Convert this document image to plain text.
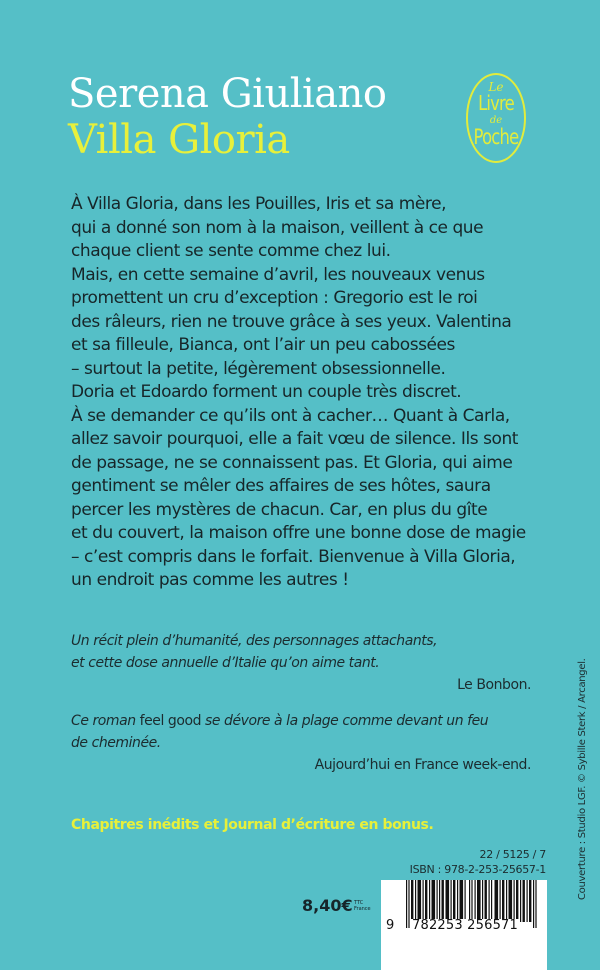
Serena Giuliano
Villa Gloria
Le
Livre
de
Poche
À Villa Gloria, dans les Pouilles, Iris et sa mère,
qui a donné son nom à la maison, veillent à ce que
chaque client se sente comme chez lui.
Mais, en cette semaine d’avril, les nouveaux venus
promettent un cru d’exception : Gregorio est le roi
des râleurs, rien ne trouve grâce à ses yeux. Valentina
et sa filleule, Bianca, ont l’air un peu cabossées
– surtout la petite, légèrement obsessionnelle.
Doria et Edoardo forment un couple très discret.
À se demander ce qu’ils ont à cacher… Quant à Carla,
allez savoir pourquoi, elle a fait vœu de silence. Ils sont
de passage, ne se connaissent pas. Et Gloria, qui aime
gentiment se mêler des affaires de ses hôtes, saura
percer les mystères de chacun. Car, en plus du gîte
et du couvert, la maison offre une bonne dose de magie
– c’est compris dans le forfait. Bienvenue à Villa Gloria,
un endroit pas comme les autres !
Un récit plein d’humanité, des personnages attachants,
et cette dose annuelle d’Italie qu’on aime tant.
Le Bonbon.
Ce roman feel good se dévore à la plage comme devant un feu
de cheminée.
Aujourd’hui en France week-end.
Chapitres inédits et Journal d’écriture en bonus.
22 / 5125 / 7
ISBN : 978-2-253-25657-1
8,40€ TTC
France
9 782253 256571
Couverture : Studio LGF. © Sybille Sterk / Arcangel.
